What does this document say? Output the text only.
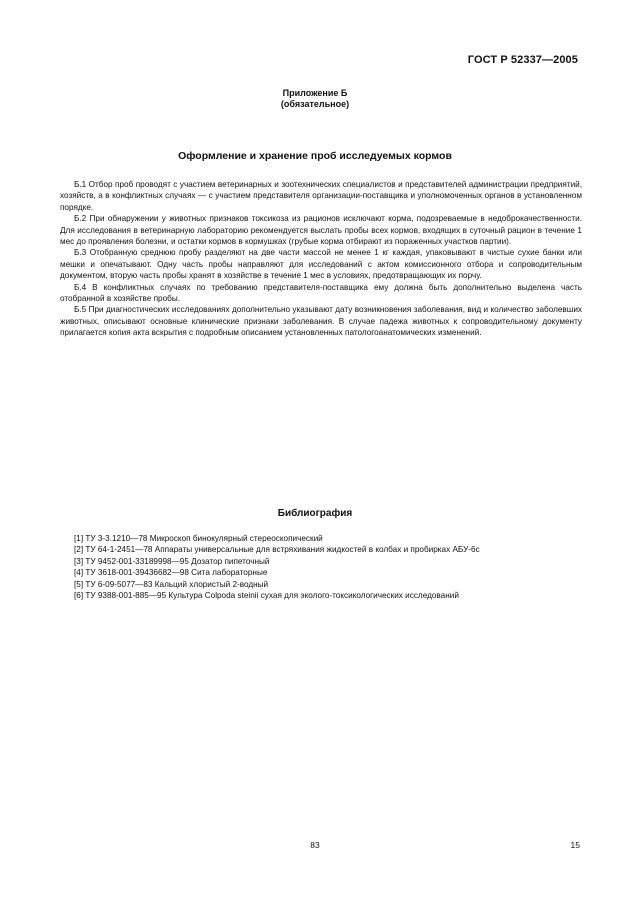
ГОСТ Р 52337—2005
Приложение Б
(обязательное)
Оформление и хранение проб исследуемых кормов

Б.1 Отбор проб проводят с участием ветеринарных и зоотехнических специалистов и представителей администрации предприятий, хозяйств, а в конфликтных случаях — с участием представителя организации-поставщика и уполномоченных органов в установленном порядке.

Б.2 При обнаружении у животных признаков токсикоза из рационов исключают корма, подозреваемые в недоброкачественности. Для исследования в ветеринарную лабораторию рекомендуется выслать пробы всех кормов, входящих в суточный рацион в течение 1 мес до проявления болезни, и остатки кормов в кормушках (грубые корма отбирают из пораженных участков партии).

Б.3 Отобранную среднюю пробу разделяют на две части массой не менее 1 кг каждая, упаковывают в чистые сухие банки или мешки и опечатывают. Одну часть пробы направляют для исследований с актом комиссионного отбора и сопроводительным документом, вторую часть пробы хранят в хозяйстве в течение 1 мес в условиях, предотвращающих их порчу.

Б.4 В конфликтных случаях по требованию представителя-поставщика ему должна быть дополнительно выделена часть отобранной в хозяйстве пробы.

Б.5 При диагностических исследованиях дополнительно указывают дату возникновения заболевания, вид и количество заболевших животных, описывают основные клинические признаки заболевания. В случае падежа животных к сопроводительному документу прилагается копия акта вскрытия с подробным описанием установленных патологоанатомических изменений.

Библиография
[1] ТУ 3-3.1210—78 Микроскоп бинокулярный стереоскопический
[2] ТУ 64-1-2451—78 Аппараты универсальные для встряхивания жидкостей в колбах и пробирках АБУ-6с
[3] ТУ 9452-001-33189998—95 Дозатор пипеточный
[4] ТУ 3618-001-39436682—98 Сита лабораторные
[5] ТУ 6-09-5077—83 Кальций хлористый 2-водный
[6] ТУ 9388-001-885—95 Культура Colpoda steinii сухая для эколого-токсикологических исследований
83	15
